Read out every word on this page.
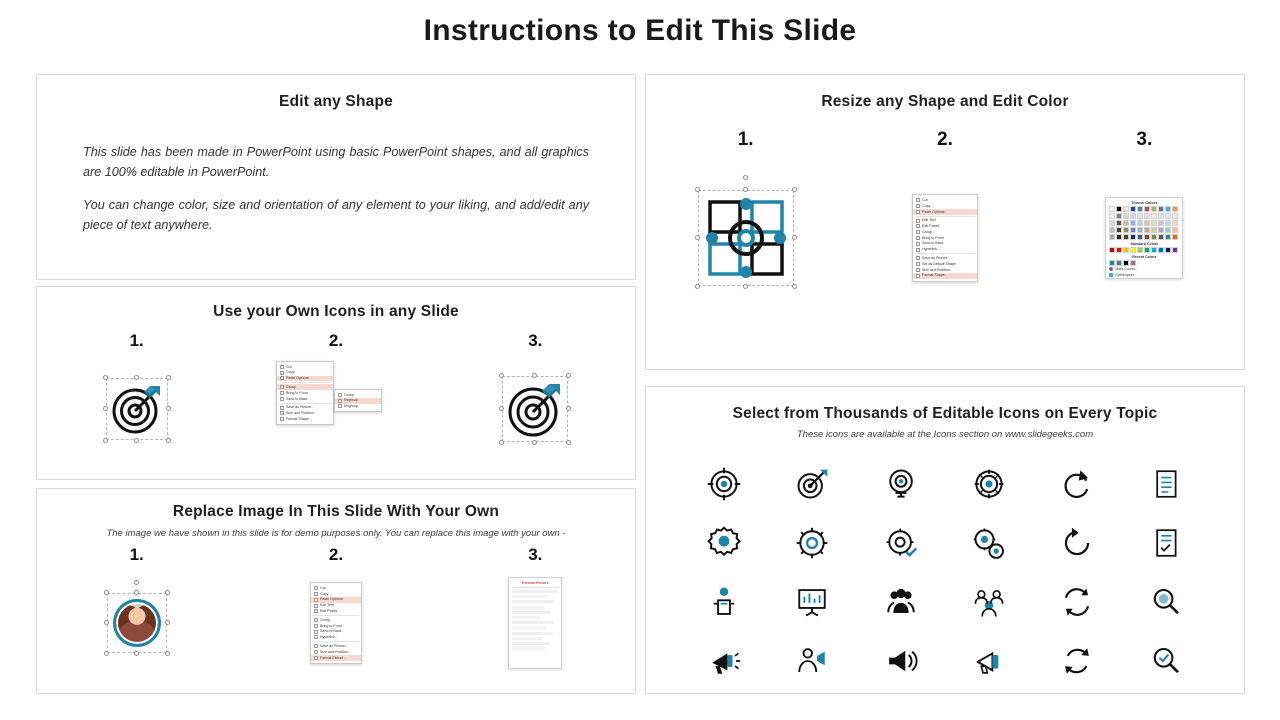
Instructions to Edit This Slide
Edit any Shape

This slide has been made in PowerPoint using basic PowerPoint shapes, and all graphics are 100% editable in PowerPoint.

You can change color, size and orientation of any element to your liking, and add/edit any piece of text anywhere.

Use your Own Icons in any Slide
1.	2.
Cut
Copy
Paste Options:
Group
Bring to Front
Send to Back
Save as Picture...
Size and Position...
Format Shape...
Group
Regroup
Ungroup
3.
Replace Image In This Slide With Your Own
The image we have shown in this slide is for demo purposes only. You can replace this image with your own -
1.	2.
Cut
Copy
Paste Options:
Edit Text
Edit Points
Group
Bring to Front
Send to Back
Hyperlink...
Save as Picture...
Size and Position...
Format Picture...
3.
Format Picture
Resize any Shape and Edit Color
1.	2.
Cut
Copy
Paste Options:
Edit Text
Edit Points
Group
Bring to Front
Send to Back
Hyperlink...
Save as Picture...
Set as Default Shape
Size and Position...
Format Shape...
3.
Theme Colors
Standard Colors
Recent Colors
More Colors...
Eyedropper
Select from Thousands of Editable Icons on Every Topic
These icons are available at the Icons section on www.slidegeeks.com
